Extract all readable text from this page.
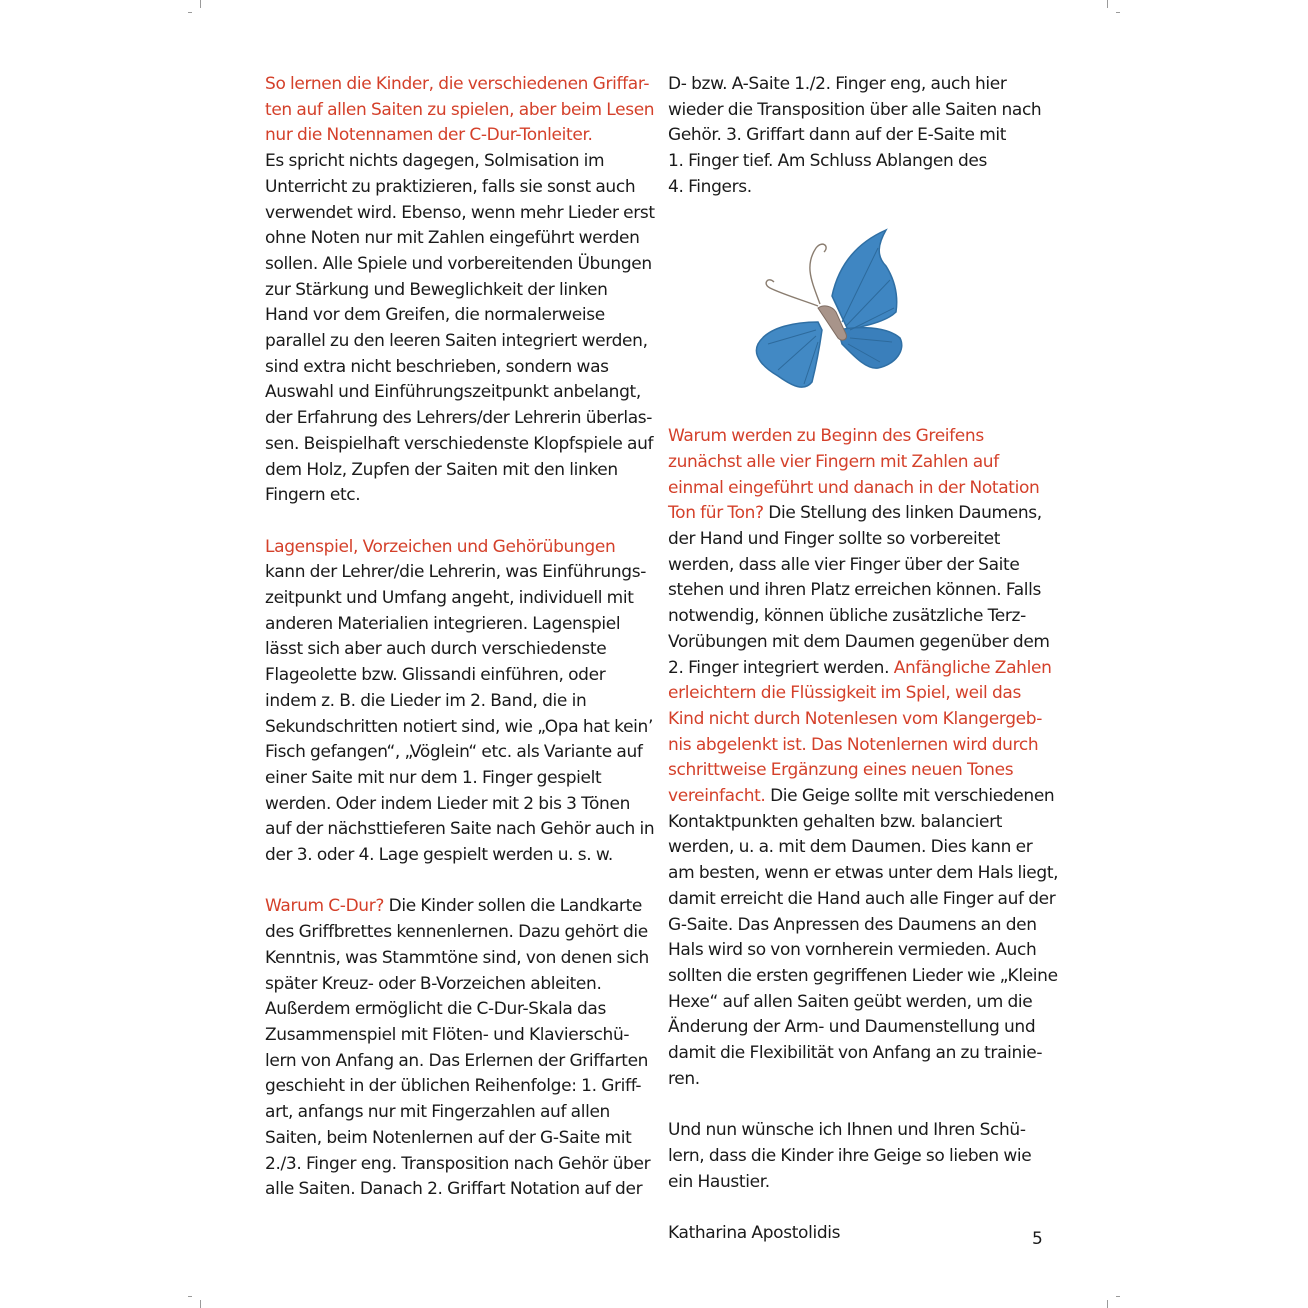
So lernen die Kinder, die verschiedenen Griffar-
ten auf allen Saiten zu spielen, aber beim Lesen
nur die Notennamen der C-Dur-Tonleiter.
Es spricht nichts dagegen, Solmisation im
Unterricht zu praktizieren, falls sie sonst auch
verwendet wird. Ebenso, wenn mehr Lieder erst
ohne Noten nur mit Zahlen eingeführt werden
sollen. Alle Spiele und vorbereitenden Übungen
zur Stärkung und Beweglichkeit der linken
Hand vor dem Greifen, die normalerweise
parallel zu den leeren Saiten integriert werden,
sind extra nicht beschrieben, sondern was
Auswahl und Einführungszeitpunkt anbelangt,
der Erfahrung des Lehrers/der Lehrerin überlas-
sen. Beispielhaft verschiedenste Klopfspiele auf
dem Holz, Zupfen der Saiten mit den linken
Fingern etc.

Lagenspiel, Vorzeichen und Gehörübungen
kann der Lehrer/die Lehrerin, was Einführungs-
zeitpunkt und Umfang angeht, individuell mit
anderen Materialien integrieren. Lagenspiel
lässt sich aber auch durch verschiedenste
Flageolette bzw. Glissandi einführen, oder
indem z. B. die Lieder im 2. Band, die in
Sekundschritten notiert sind, wie „Opa hat kein’
Fisch gefangen“, „Vöglein“ etc. als Variante auf
einer Saite mit nur dem 1. Finger gespielt
werden. Oder indem Lieder mit 2 bis 3 Tönen
auf der nächsttieferen Saite nach Gehör auch in
der 3. oder 4. Lage gespielt werden u. s. w.

Warum C-Dur? Die Kinder sollen die Landkarte
des Griffbrettes kennenlernen. Dazu gehört die
Kenntnis, was Stammtöne sind, von denen sich
später Kreuz- oder B-Vorzeichen ableiten.
Außerdem ermöglicht die C-Dur-Skala das
Zusammenspiel mit Flöten- und Klavierschü-
lern von Anfang an. Das Erlernen der Griffarten
geschieht in der üblichen Reihenfolge: 1. Griff-
art, anfangs nur mit Fingerzahlen auf allen
Saiten, beim Notenlernen auf der G-Saite mit
2./3. Finger eng. Transposition nach Gehör über
alle Saiten. Danach 2. Griffart Notation auf der

D- bzw. A-Saite 1./2. Finger eng, auch hier
wieder die Transposition über alle Saiten nach
Gehör. 3. Griffart dann auf der E-Saite mit
1. Finger tief. Am Schluss Ablangen des
4. Fingers.

Warum werden zu Beginn des Greifens
zunächst alle vier Fingern mit Zahlen auf
einmal eingeführt und danach in der Notation
Ton für Ton? Die Stellung des linken Daumens,
der Hand und Finger sollte so vorbereitet
werden, dass alle vier Finger über der Saite
stehen und ihren Platz erreichen können. Falls
notwendig, können übliche zusätzliche Terz-
Vorübungen mit dem Daumen gegenüber dem
2. Finger integriert werden. Anfängliche Zahlen
erleichtern die Flüssigkeit im Spiel, weil das
Kind nicht durch Notenlesen vom Klangergeb-
nis abgelenkt ist. Das Notenlernen wird durch
schrittweise Ergänzung eines neuen Tones
vereinfacht. Die Geige sollte mit verschiedenen
Kontaktpunkten gehalten bzw. balanciert
werden, u. a. mit dem Daumen. Dies kann er
am besten, wenn er etwas unter dem Hals liegt,
damit erreicht die Hand auch alle Finger auf der
G-Saite. Das Anpressen des Daumens an den
Hals wird so von vornherein vermieden. Auch
sollten die ersten gegriffenen Lieder wie „Kleine
Hexe“ auf allen Saiten geübt werden, um die
Änderung der Arm- und Daumenstellung und
damit die Flexibilität von Anfang an zu trainie-
ren.

Und nun wünsche ich Ihnen und Ihren Schü-
lern, dass die Kinder ihre Geige so lieben wie
ein Haustier.

Katharina Apostolidis	5
